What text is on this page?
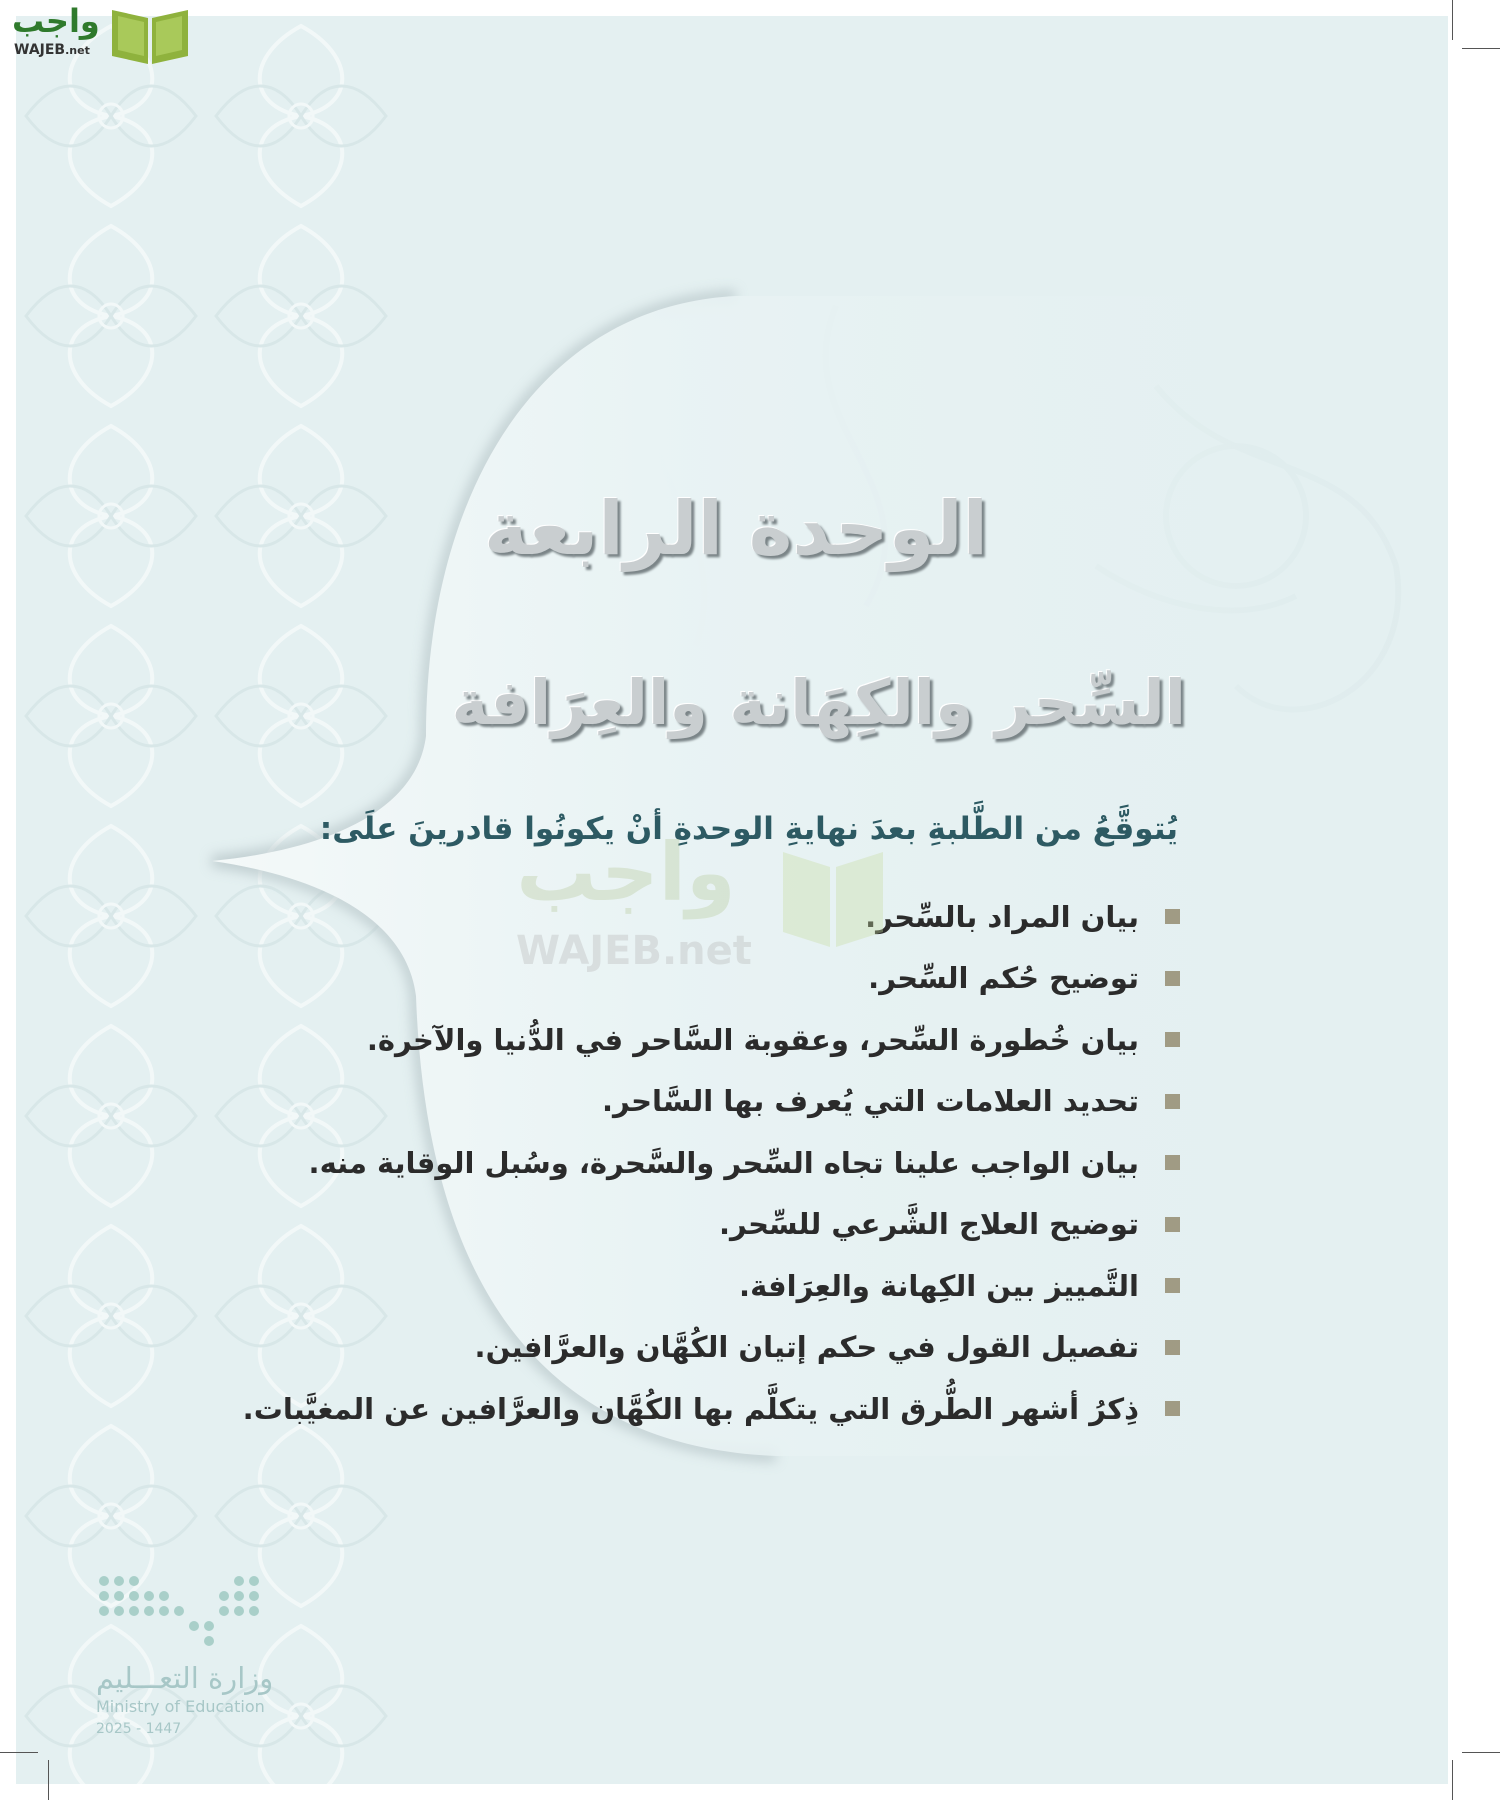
الوحدة الرابعة
السِّحر والكِهَانة والعِرَافة

يُتوقَّعُ من الطَّلبةِ بعدَ نهايةِ الوحدةِ أنْ يكونُوا قادرينَ علَى:

بيان المراد بالسِّحر.
توضيح حُكم السِّحر.
بيان خُطورة السِّحر، وعقوبة السَّاحر في الدُّنيا والآخرة.
تحديد العلامات التي يُعرف بها السَّاحر.
بيان الواجب علينا تجاه السِّحر والسَّحرة، وسُبل الوقاية منه.
توضيح العلاج الشَّرعي للسِّحر.
التَّمييز بين الكِهانة والعِرَافة.
تفصيل القول في حكم إتيان الكُهَّان والعرَّافين.
ذِكرُ أشهر الطُّرق التي يتكلَّم بها الكُهَّان والعرَّافين عن المغيَّبات.
واجب
WAJEB.net
وزارة التعـــليم
Ministry of Education
2025 - 1447
واجب
WAJEB.net
